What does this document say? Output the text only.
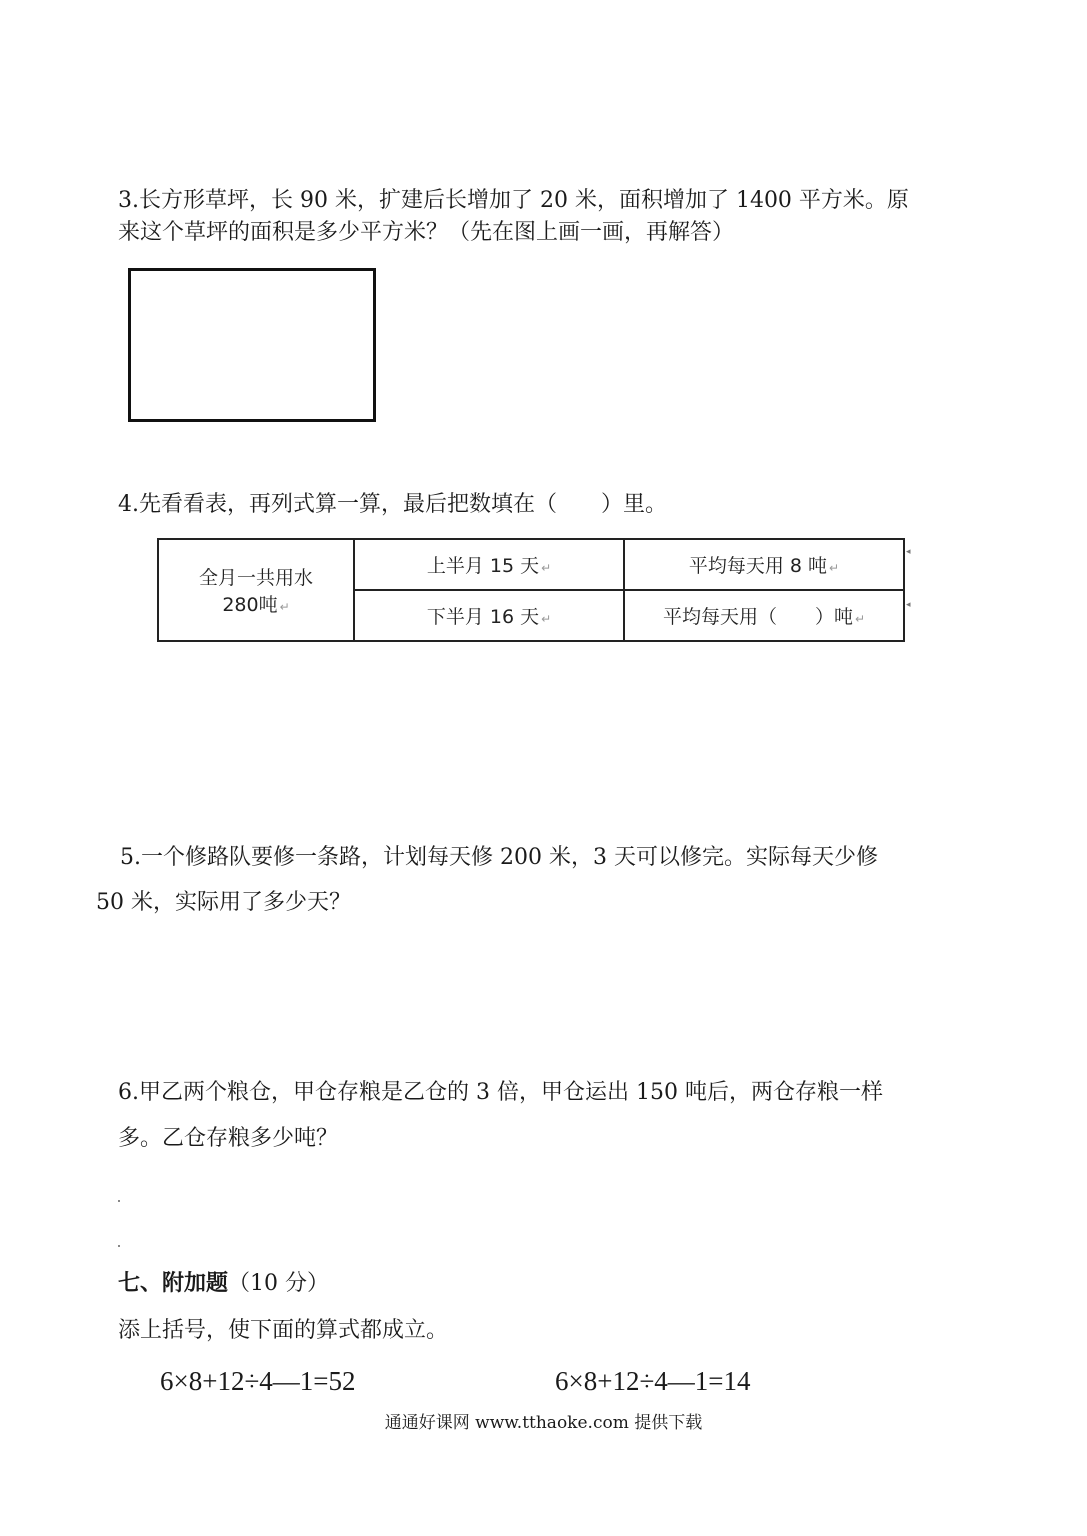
3.长方形草坪，长 90 米，扩建后长增加了 20 米，面积增加了 1400 平方米。原
来这个草坪的面积是多少平方米？（先在图上画一画，再解答）
4.先看看表，再列式算一算，最后把数填在（　　）里。
全月一共用水
280吨 ↵	上半月 15 天 ↵	平均每天用 8 吨 ↵
	下半月 16 天 ↵	平均每天用（　　）吨 ↵
◂
◂
5.一个修路队要修一条路，计划每天修 200 米，3 天可以修完。实际每天少修
50 米，实际用了多少天？
6.甲乙两个粮仓，甲仓存粮是乙仓的 3 倍，甲仓运出 150 吨后，两仓存粮一样
多。乙仓存粮多少吨？
七、附加题（10 分）
添上括号，使下面的算式都成立。
6×8+12÷4—1=52	6×8+12÷4—1=14
通通好课网 www.tthaoke.com 提供下载
